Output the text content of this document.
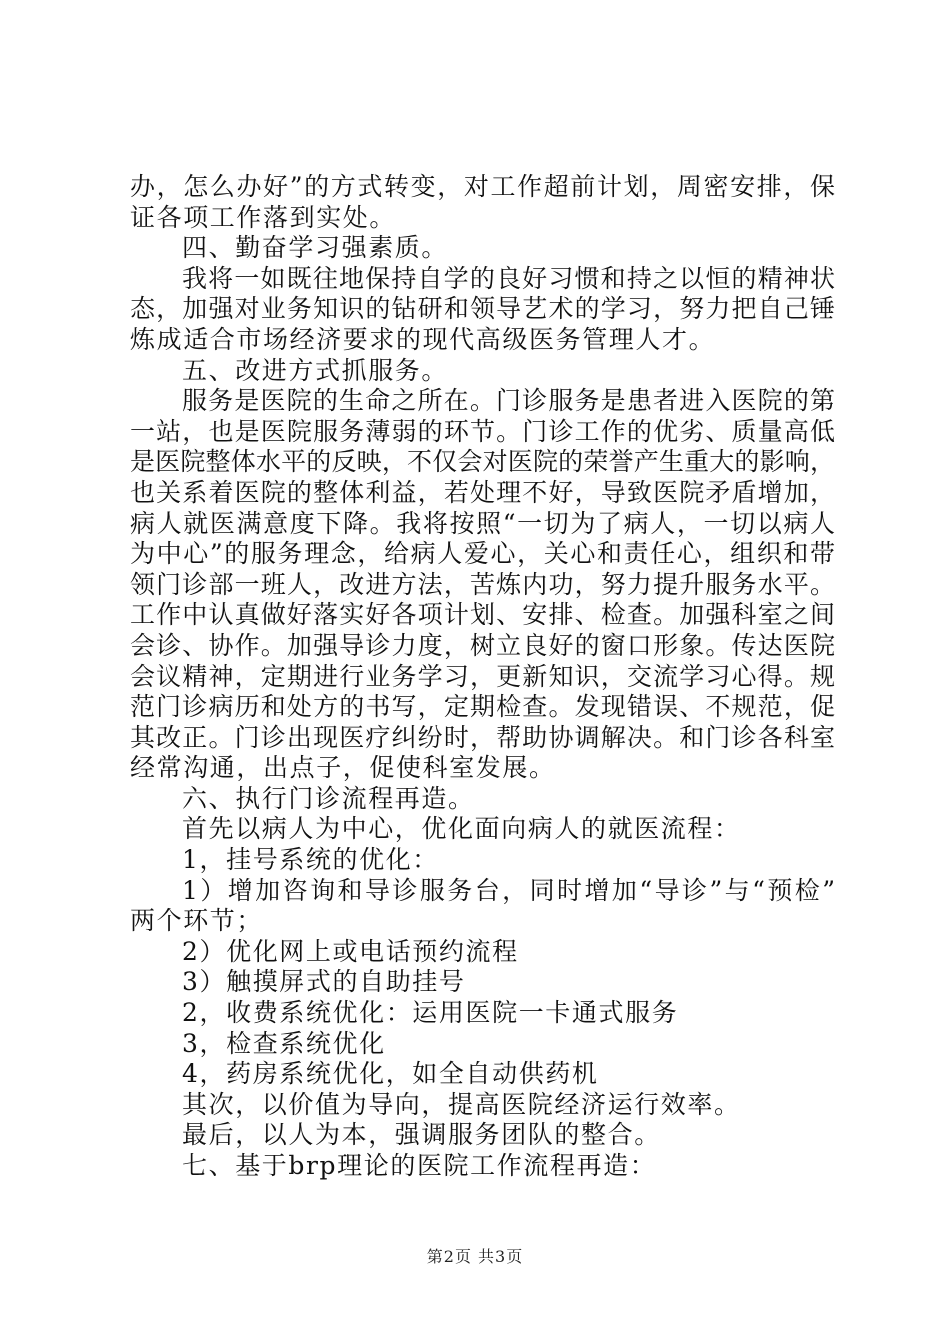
办，怎么办好”的方式转变，对工作超前计划，周密安排，保
证各项工作落到实处。
四、勤奋学习强素质。
我将一如既往地保持自学的良好习惯和持之以恒的精神状
态，加强对业务知识的钻研和领导艺术的学习，努力把自己锤
炼成适合市场经济要求的现代高级医务管理人才。
五、改进方式抓服务。
服务是医院的生命之所在。门诊服务是患者进入医院的第
一站，也是医院服务薄弱的环节。门诊工作的优劣、质量高低
是医院整体水平的反映，不仅会对医院的荣誉产生重大的影响，
也关系着医院的整体利益，若处理不好，导致医院矛盾增加，
病人就医满意度下降。我将按照“一切为了病人，一切以病人
为中心”的服务理念，给病人爱心，关心和责任心，组织和带
领门诊部一班人，改进方法，苦炼内功，努力提升服务水平。
工作中认真做好落实好各项计划、安排、检查。加强科室之间
会诊、协作。加强导诊力度，树立良好的窗口形象。传达医院
会议精神，定期进行业务学习，更新知识，交流学习心得。规
范门诊病历和处方的书写，定期检查。发现错误、不规范，促
其改正。门诊出现医疗纠纷时，帮助协调解决。和门诊各科室
经常沟通，出点子，促使科室发展。
六、执行门诊流程再造。
首先以病人为中心，优化面向病人的就医流程：
1，挂号系统的优化：
1）增加咨询和导诊服务台，同时增加“导诊”与“预检”
两个环节；
2）优化网上或电话预约流程
3）触摸屏式的自助挂号
2，收费系统优化：运用医院一卡通式服务
3，检查系统优化
4，药房系统优化，如全自动供药机
其次，以价值为导向，提高医院经济运行效率。
最后，以人为本，强调服务团队的整合。
七、基于brp理论的医院工作流程再造：
第2页 共3页
